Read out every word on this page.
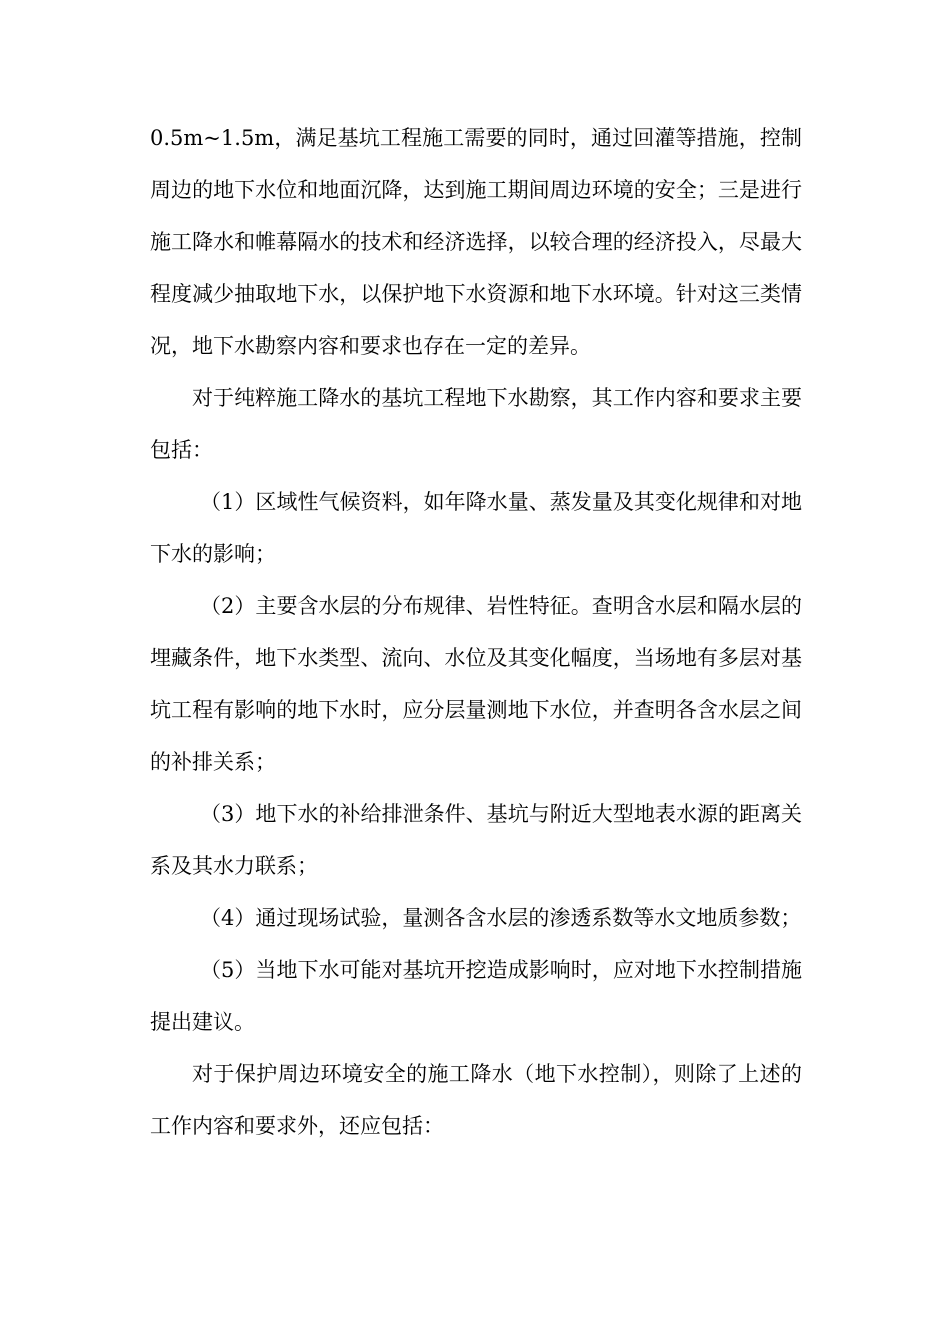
0.5m~1.5m，满足基坑工程施工需要的同时，通过回灌等措施，控制周边的地下水位和地面沉降，达到施工期间周边环境的安全；三是进行施工降水和帷幕隔水的技术和经济选择，以较合理的经济投入，尽最大程度减少抽取地下水，以保护地下水资源和地下水环境。针对这三类情况，地下水勘察内容和要求也存在一定的差异。

对于纯粹施工降水的基坑工程地下水勘察，其工作内容和要求主要包括：

（1）区域性气候资料，如年降水量、蒸发量及其变化规律和对地下水的影响；

（2）主要含水层的分布规律、岩性特征。查明含水层和隔水层的埋藏条件，地下水类型、流向、水位及其变化幅度，当场地有多层对基坑工程有影响的地下水时，应分层量测地下水位，并查明各含水层之间的补排关系；

（3）地下水的补给排泄条件、基坑与附近大型地表水源的距离关系及其水力联系；

（4）通过现场试验，量测各含水层的渗透系数等水文地质参数；

（5）当地下水可能对基坑开挖造成影响时，应对地下水控制措施提出建议。

对于保护周边环境安全的施工降水（地下水控制），则除了上述的工作内容和要求外，还应包括：
